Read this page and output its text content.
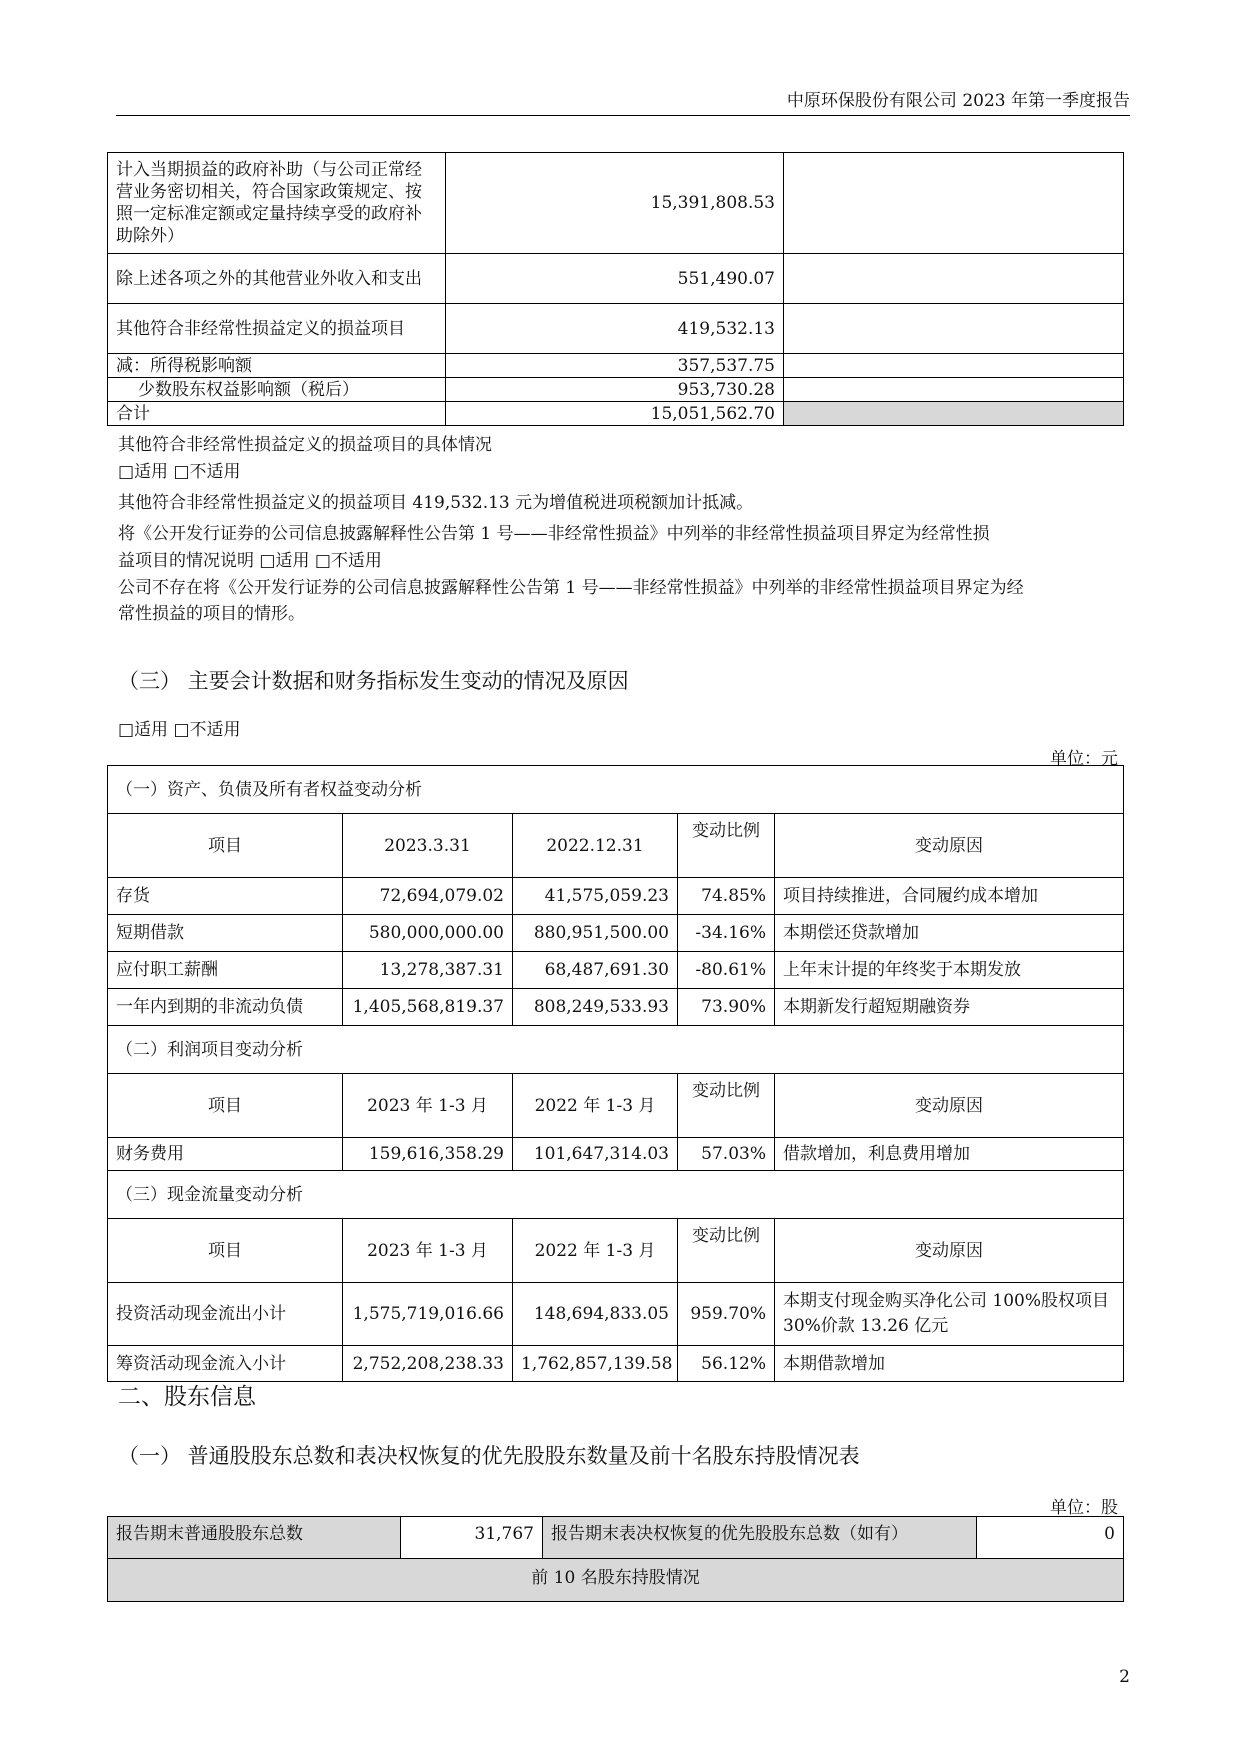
中原环保股份有限公司 2023 年第一季度报告
计入当期损益的政府补助（与公司正常经营业务密切相关，符合国家政策规定、按照一定标准定额或定量持续享受的政府补助除外）	15,391,808.53	
除上述各项之外的其他营业外收入和支出	551,490.07	
其他符合非经常性损益定义的损益项目	419,532.13	
减：所得税影响额	357,537.75	
少数股东权益影响额（税后）	953,730.28	
合计	15,051,562.70	
其他符合非经常性损益定义的损益项目的具体情况
□适用 □不适用
其他符合非经常性损益定义的损益项目 419,532.13 元为增值税进项税额加计抵减。
将《公开发行证券的公司信息披露解释性公告第 1 号——非经常性损益》中列举的非经常性损益项目界定为经常性损
益项目的情况说明 □适用 □不适用
公司不存在将《公开发行证券的公司信息披露解释性公告第 1 号——非经常性损益》中列举的非经常性损益项目界定为经
常性损益的项目的情形。
（三） 主要会计数据和财务指标发生变动的情况及原因
□适用 □不适用
单位：元
（一）资产、负债及所有者权益变动分析				
项目	2023.3.31	2022.12.31	变动比例	变动原因
存货	72,694,079.02	41,575,059.23	74.85%	项目持续推进，合同履约成本增加
短期借款	580,000,000.00	880,951,500.00	-34.16%	本期偿还贷款增加
应付职工薪酬	13,278,387.31	68,487,691.30	-80.61%	上年末计提的年终奖于本期发放
一年内到期的非流动负债	1,405,568,819.37	808,249,533.93	73.90%	本期新发行超短期融资券
（二）利润项目变动分析				
项目	2023 年 1-3 月	2022 年 1-3 月	变动比例	变动原因
财务费用	159,616,358.29	101,647,314.03	57.03%	借款增加，利息费用增加
（三）现金流量变动分析				
项目	2023 年 1-3 月	2022 年 1-3 月	变动比例	变动原因
投资活动现金流出小计	1,575,719,016.66	148,694,833.05	959.70%	本期支付现金购买净化公司 100%股权项目 30%价款 13.26 亿元
筹资活动现金流入小计	2,752,208,238.33	1,762,857,139.58	56.12%	本期借款增加
二、股东信息
（一） 普通股股东总数和表决权恢复的优先股股东数量及前十名股东持股情况表
单位：股
报告期末普通股股东总数	31,767	报告期末表决权恢复的优先股股东总数（如有）	0
前 10 名股东持股情况
2
